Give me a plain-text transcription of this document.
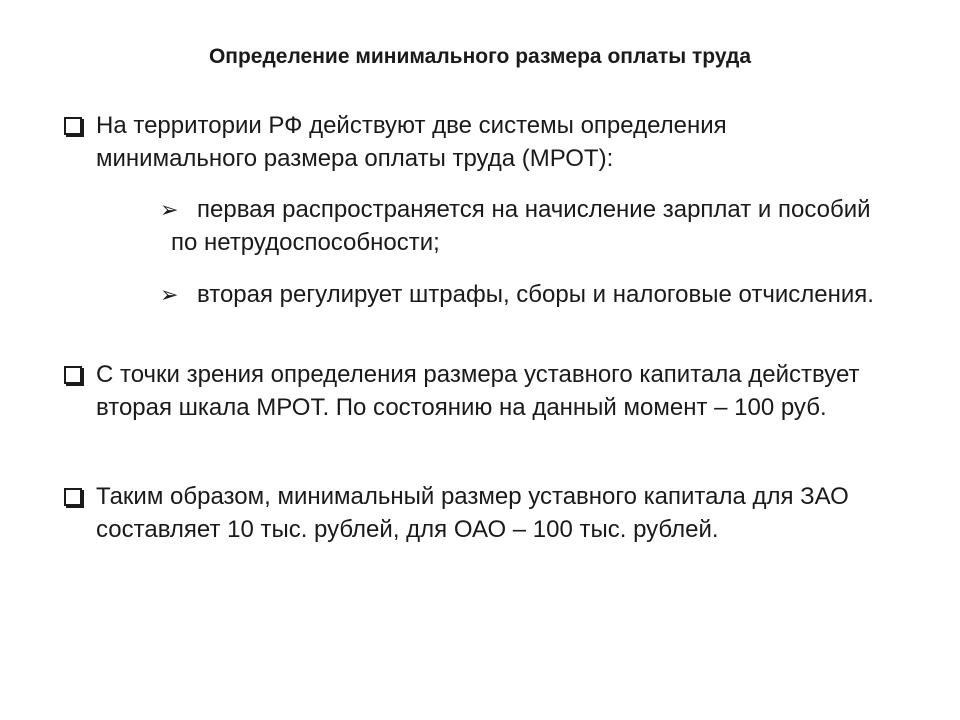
Определение минимального размера оплаты труда
На территории РФ действуют две системы определения минимального размера оплаты труда (МРОТ):
➢ первая распространяется на начисление зарплат и пособий по нетрудоспособности;
➢ вторая регулирует штрафы, сборы и налоговые отчисления.
С точки зрения определения размера уставного капитала действует вторая шкала МРОТ. По состоянию на данный момент – 100 руб.
Таким образом, минимальный размер уставного капитала для ЗАО составляет 10 тыс. рублей, для ОАО – 100 тыс. рублей.
